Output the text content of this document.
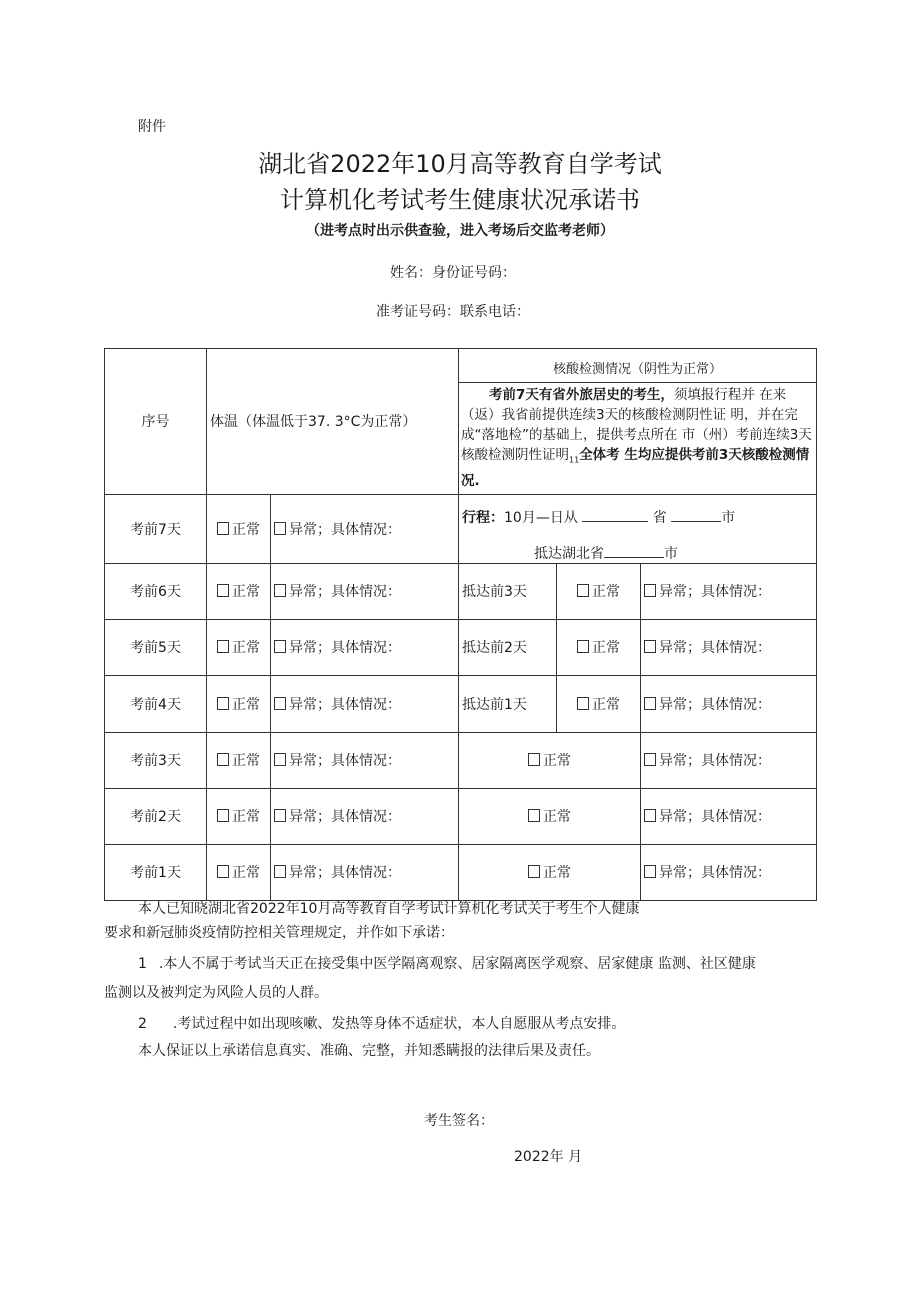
附件
湖北省2022年10月高等教育自学考试
计算机化考试考生健康状况承诺书
（进考点时出示供查验，进入考场后交监考老师）
姓名：身份证号码：
准考证号码：联系电话：
序号	体温（体温低于37. 3°C为正常）		核酸检测情况（阴性为正常）
考前7天有省外旅居史的考生，须填报行程并 在来（返）我省前提供连续3天的核酸检测阴性证 明，并在完成“落地检”的基础上，提供考点所在 市（州）考前连续3天核酸检测阴性证明$_{11}$全体考 生均应提供考前3天核酸检测情况.		

考前7天	正常	异常；具体情况：	行程：10月—日从 省 市
抵达湖北省 市		

考前6天	正常	异常；具体情况：	抵达前3天	正常	异常；具体情况：
考前5天	正常	异常；具体情况：	抵达前2天	正常	异常；具体情况：
考前4天	正常	异常；具体情况：	抵达前1天	正常	异常；具体情况：
考前3天	正常	异常；具体情况：	正常		异常；具体情况：
考前2天	正常	异常；具体情况：	正常		异常；具体情况：
考前1天	正常	异常；具体情况：	正常		异常；具体情况：
本人已知晓湖北省2022年10月高等教育自学考试计算机化考试关于考生个人健康
要求和新冠肺炎疫情防控相关管理规定，并作如下承诺：
1 .本人不属于考试当天正在接受集中医学隔离观察、居家隔离医学观察、居家健康 监测、社区健康
监测以及被判定为风险人员的人群。
2 .考试过程中如出现咳嗽、发热等身体不适症状，本人自愿服从考点安排。
本人保证以上承诺信息真实、准确、完整，并知悉瞒报的法律后果及责任。
考生签名：
2022年 月
